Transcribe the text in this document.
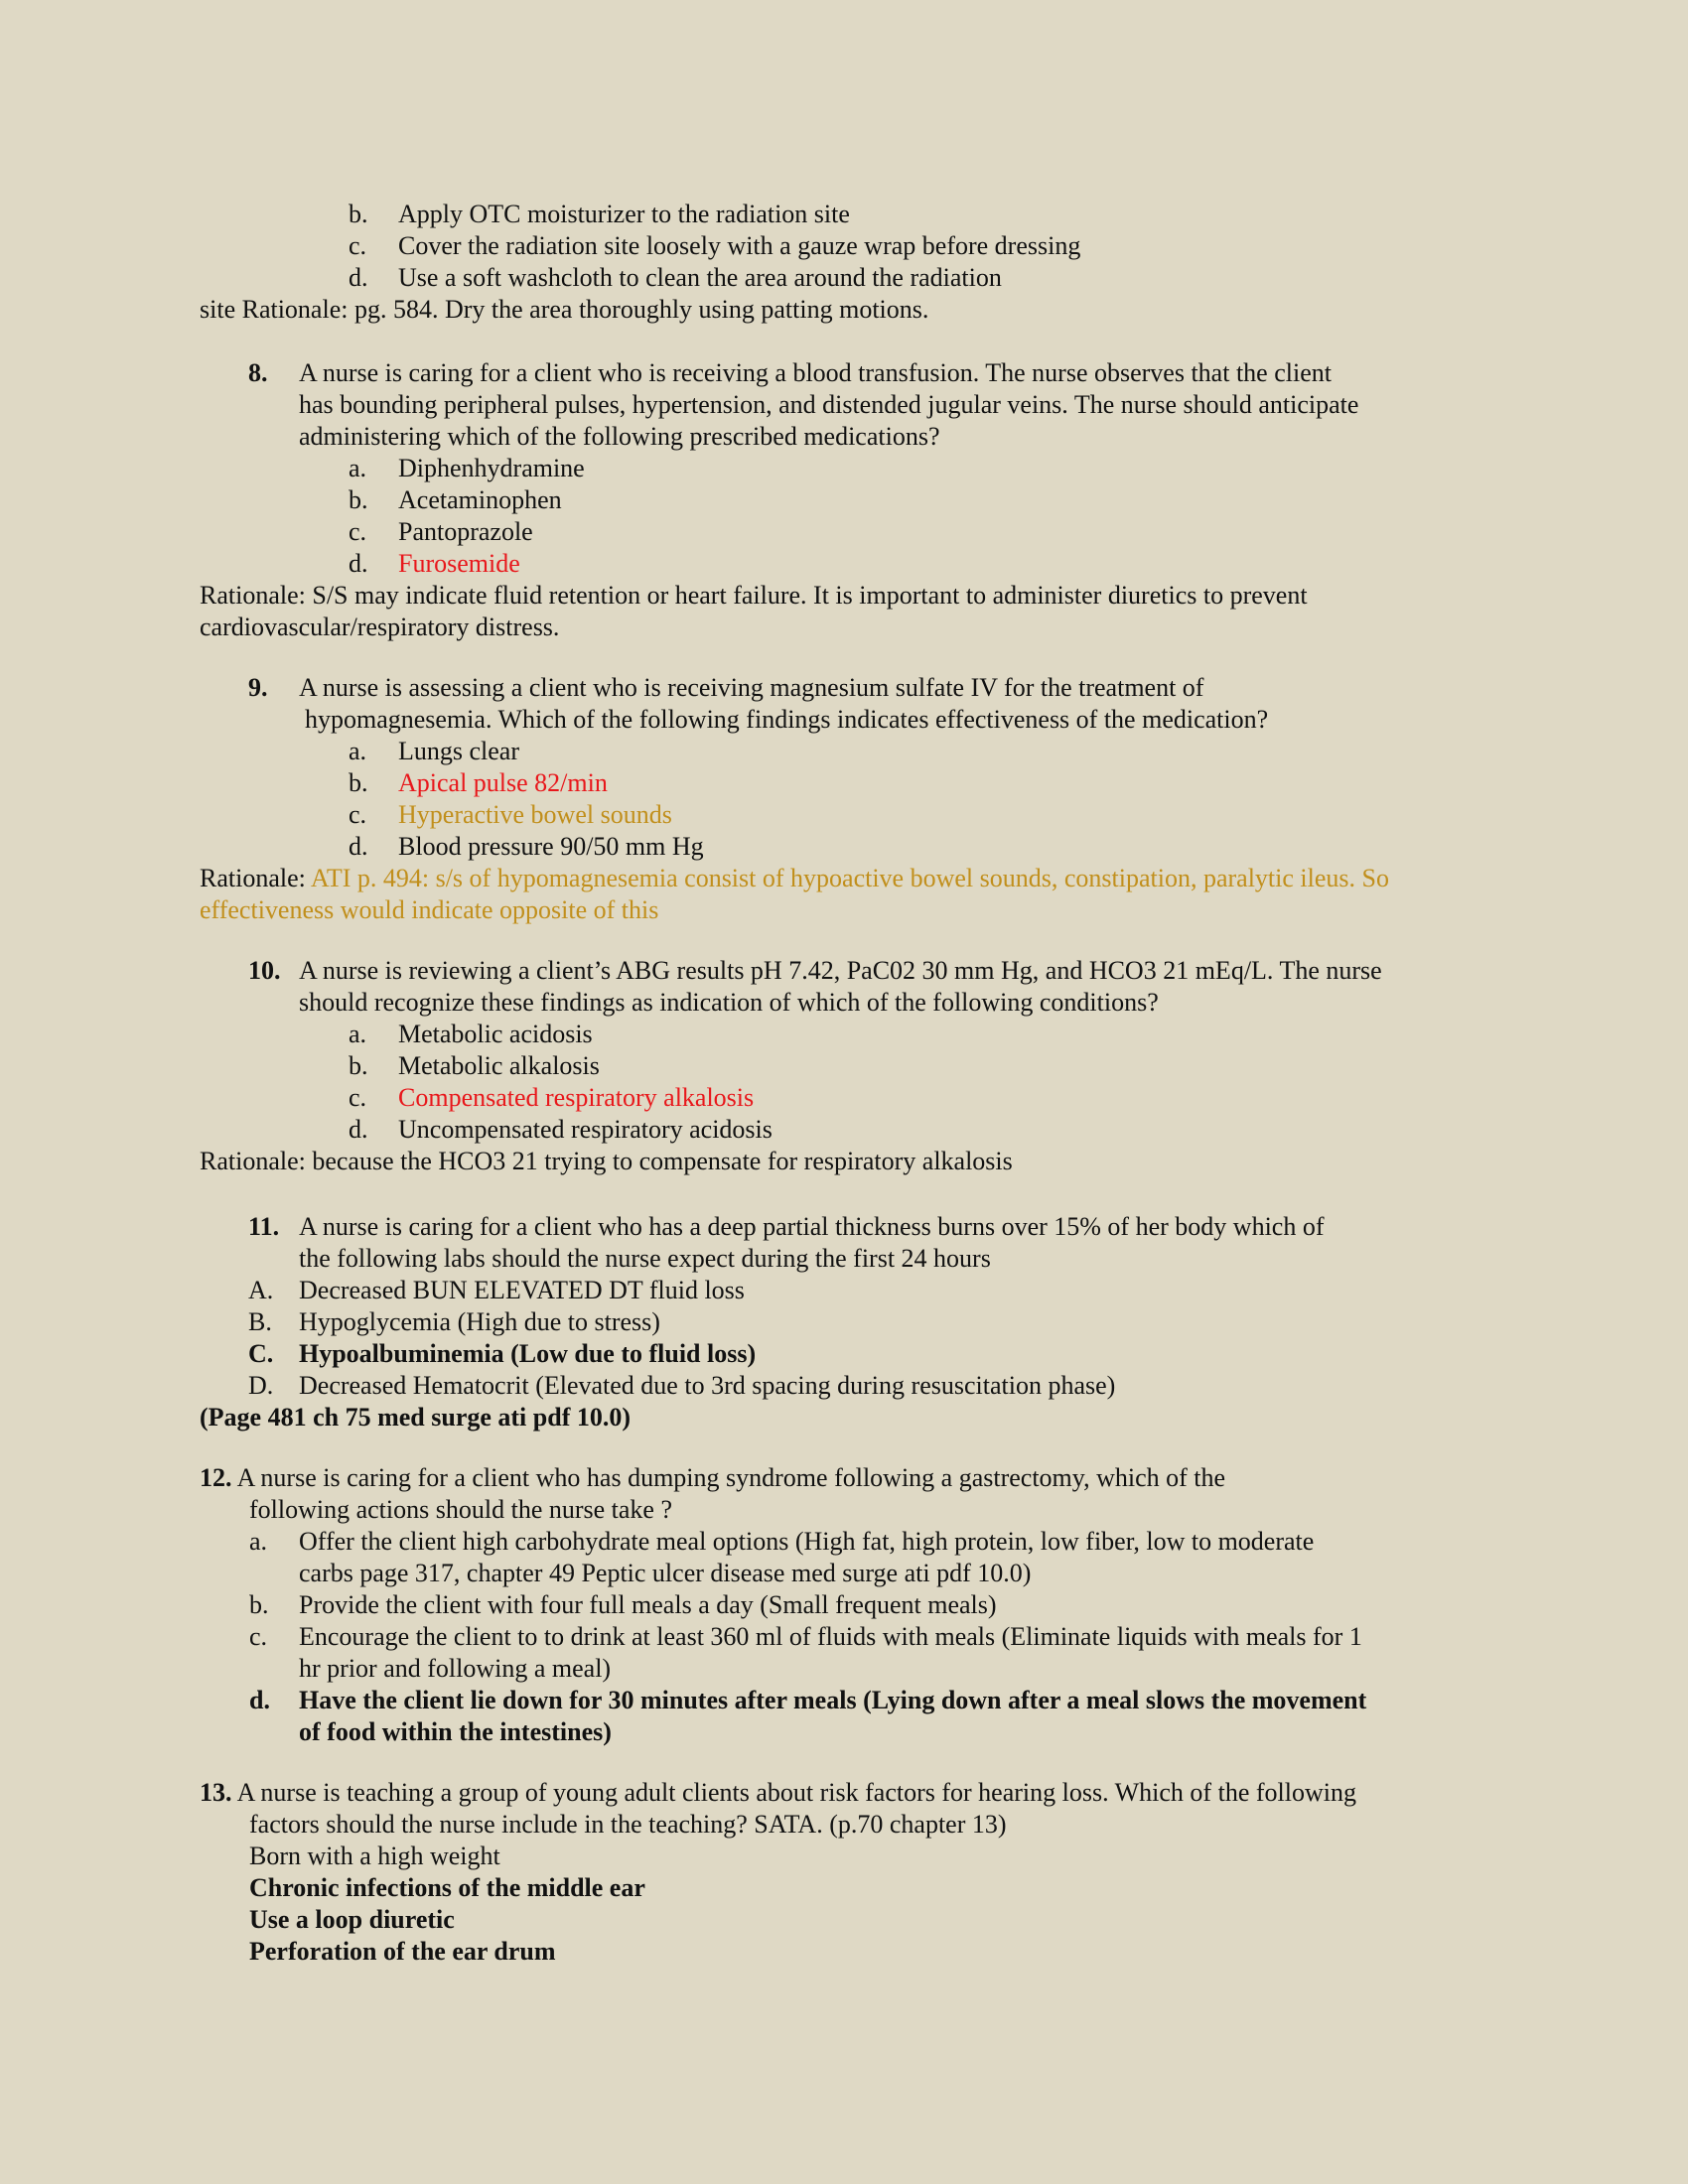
b. Apply OTC moisturizer to the radiation site
c. Cover the radiation site loosely with a gauze wrap before dressing
d. Use a soft washcloth to clean the area around the radiation
site Rationale: pg. 584. Dry the area thoroughly using patting motions.
8. A nurse is caring for a client who is receiving a blood transfusion. The nurse observes that the client
has bounding peripheral pulses, hypertension, and distended jugular veins. The nurse should anticipate
administering which of the following prescribed medications?
a. Diphenhydramine
b. Acetaminophen
c. Pantoprazole
d. Furosemide
Rationale: S/S may indicate fluid retention or heart failure. It is important to administer diuretics to prevent
cardiovascular/respiratory distress.
9. A nurse is assessing a client who is receiving magnesium sulfate IV for the treatment of
hypomagnesemia. Which of the following findings indicates effectiveness of the medication?
a. Lungs clear
b. Apical pulse 82/min
c. Hyperactive bowel sounds
d. Blood pressure 90/50 mm Hg
Rationale: ATI p. 494: s/s of hypomagnesemia consist of hypoactive bowel sounds, constipation, paralytic ileus. So
effectiveness would indicate opposite of this
10. A nurse is reviewing a client’s ABG results pH 7.42, PaC02 30 mm Hg, and HCO3 21 mEq/L. The nurse
should recognize these findings as indication of which of the following conditions?
a. Metabolic acidosis
b. Metabolic alkalosis
c. Compensated respiratory alkalosis
d. Uncompensated respiratory acidosis
Rationale: because the HCO3 21 trying to compensate for respiratory alkalosis
11. A nurse is caring for a client who has a deep partial thickness burns over 15% of her body which of
the following labs should the nurse expect during the first 24 hours
A. Decreased BUN ELEVATED DT fluid loss
B. Hypoglycemia (High due to stress)
C. Hypoalbuminemia (Low due to fluid loss)
D. Decreased Hematocrit (Elevated due to 3rd spacing during resuscitation phase)
(Page 481 ch 75 med surge ati pdf 10.0)
12. A nurse is caring for a client who has dumping syndrome following a gastrectomy, which of the
following actions should the nurse take ?
a. Offer the client high carbohydrate meal options (High fat, high protein, low fiber, low to moderate
carbs page 317, chapter 49 Peptic ulcer disease med surge ati pdf 10.0)
b. Provide the client with four full meals a day (Small frequent meals)
c. Encourage the client to to drink at least 360 ml of fluids with meals (Eliminate liquids with meals for 1
hr prior and following a meal)
d. Have the client lie down for 30 minutes after meals (Lying down after a meal slows the movement
of food within the intestines)
13. A nurse is teaching a group of young adult clients about risk factors for hearing loss. Which of the following
factors should the nurse include in the teaching? SATA. (p.70 chapter 13)
Born with a high weight
Chronic infections of the middle ear
Use a loop diuretic
Perforation of the ear drum
